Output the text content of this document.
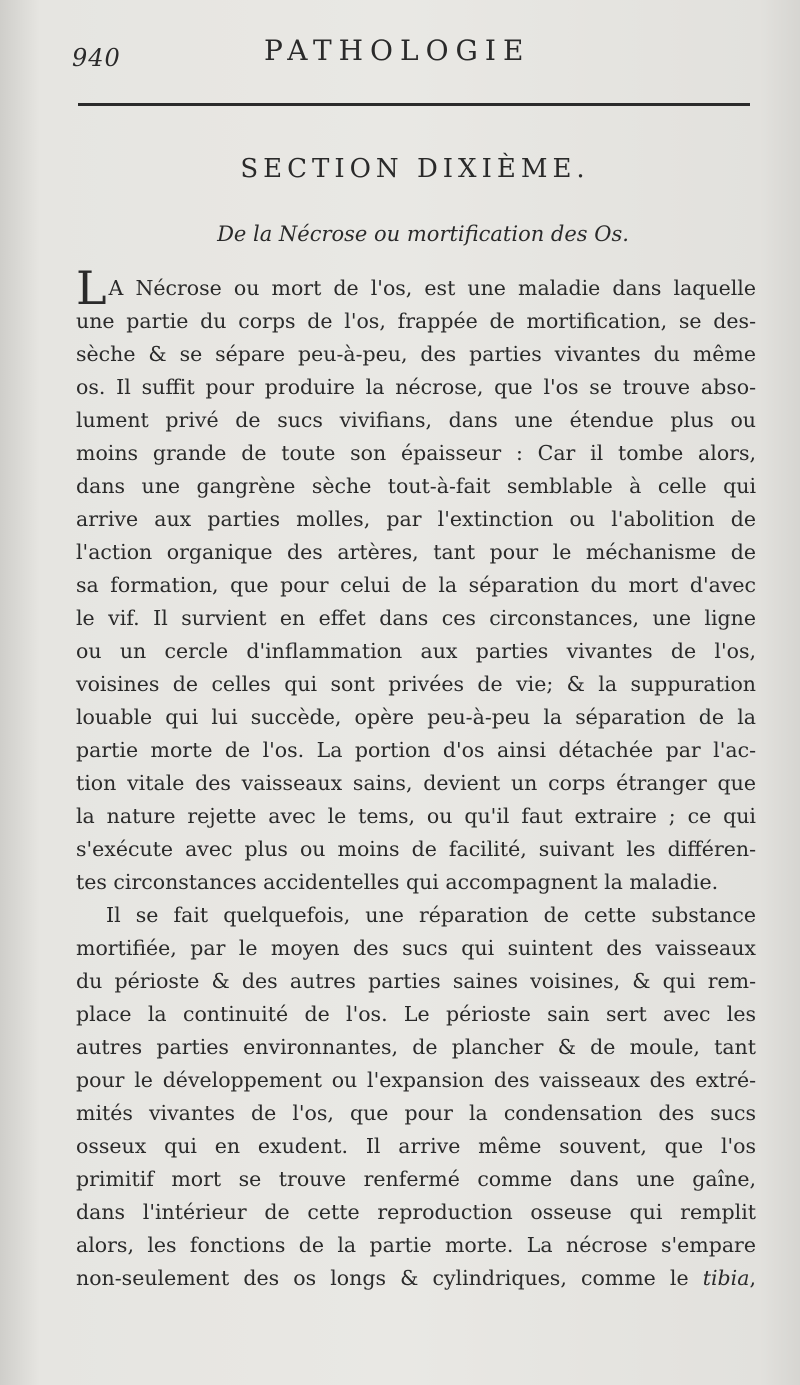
940	PATHOLOGIE
SECTION DIXIÈME.
De la Nécrose ou mortification des Os.
LA Nécrose ou mort de l'os, est une maladie dans laquelle
une partie du corps de l'os, frappée de mortification, se des-
sèche & se sépare peu-à-peu, des parties vivantes du même
os. Il suffit pour produire la nécrose, que l'os se trouve abso-
lument privé de sucs vivifians, dans une étendue plus ou
moins grande de toute son épaisseur : Car il tombe alors,
dans une gangrène sèche tout-à-fait semblable à celle qui
arrive aux parties molles, par l'extinction ou l'abolition de
l'action organique des artères, tant pour le méchanisme de
sa formation, que pour celui de la séparation du mort d'avec
le vif. Il survient en effet dans ces circonstances, une ligne
ou un cercle d'inflammation aux parties vivantes de l'os,
voisines de celles qui sont privées de vie; & la suppuration
louable qui lui succède, opère peu-à-peu la séparation de la
partie morte de l'os. La portion d'os ainsi détachée par l'ac-
tion vitale des vaisseaux sains, devient un corps étranger que
la nature rejette avec le tems, ou qu'il faut extraire ; ce qui
s'exécute avec plus ou moins de facilité, suivant les différen-
tes circonstances accidentelles qui accompagnent la maladie.
Il se fait quelquefois, une réparation de cette substance
mortifiée, par le moyen des sucs qui suintent des vaisseaux
du périoste & des autres parties saines voisines, & qui rem-
place la continuité de l'os. Le périoste sain sert avec les
autres parties environnantes, de plancher & de moule, tant
pour le développement ou l'expansion des vaisseaux des extré-
mités vivantes de l'os, que pour la condensation des sucs
osseux qui en exudent. Il arrive même souvent, que l'os
primitif mort se trouve renfermé comme dans une gaîne,
dans l'intérieur de cette reproduction osseuse qui remplit
alors, les fonctions de la partie morte. La nécrose s'empare
non-seulement des os longs & cylindriques, comme le tibia,
